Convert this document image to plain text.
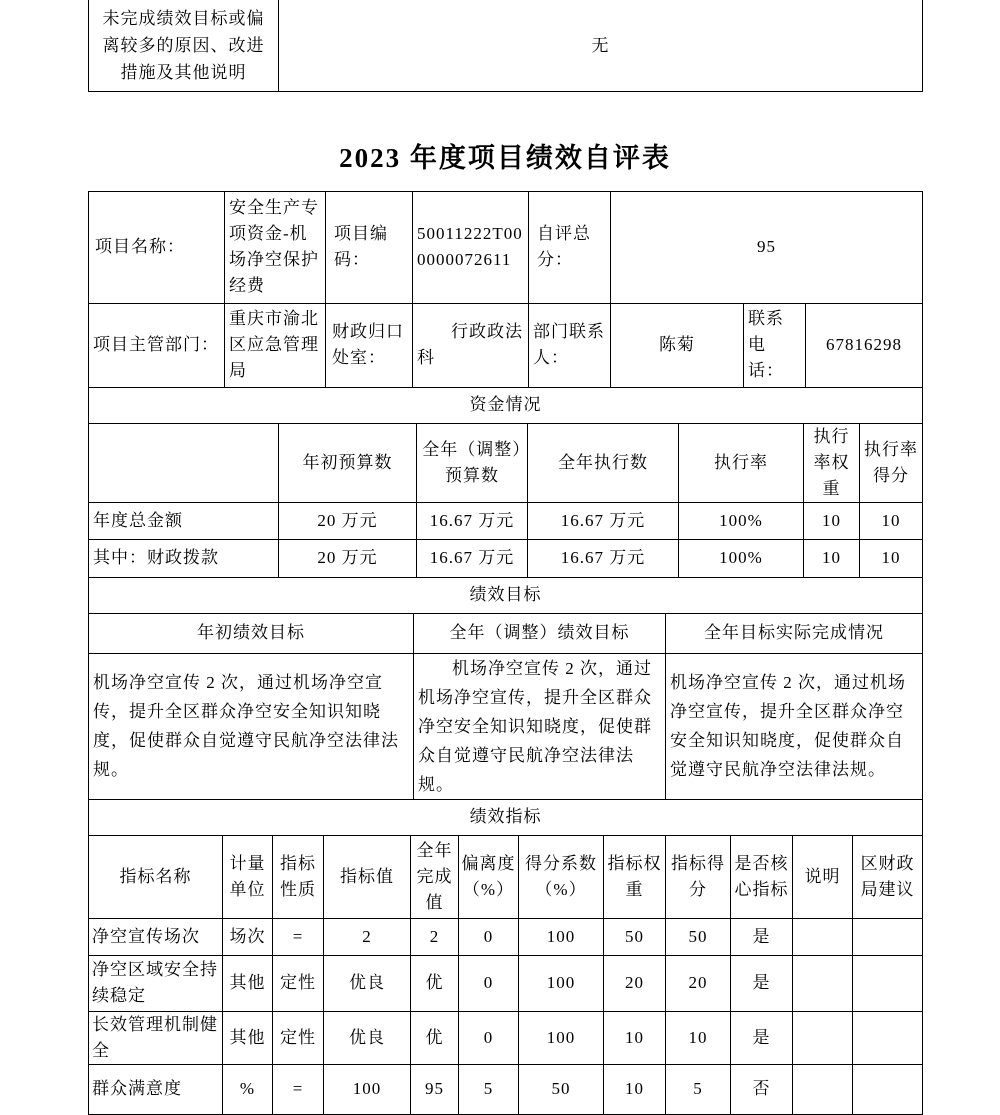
未完成绩效目标或偏离较多的原因、改进措施及其他说明	无
2023 年度项目绩效自评表
项目名称：	安全生产专项资金-机场净空保护经费	项目编码：	50011222T000000072611	自评总分：	95		
项目主管部门：	重庆市渝北区应急管理局	财政归口处室：	行政政法科	部门联系人：	陈菊	联系电话：	67816298
资金情况						
	年初预算数	全年（调整）预算数	全年执行数	执行率	执行率权重	执行率得分
年度总金额	20 万元	16.67 万元	16.67 万元	100%	10	10
其中：财政拨款	20 万元	16.67 万元	16.67 万元	100%	10	10
绩效目标		
年初绩效目标	全年（调整）绩效目标	全年目标实际完成情况
机场净空宣传 2 次，通过机场净空宣传，提升全区群众净空安全知识知晓度，促使群众自觉遵守民航净空法律法规。	机场净空宣传 2 次，通过机场净空宣传，提升全区群众净空安全知识知晓度，促使群众自觉遵守民航净空法律法规。	机场净空宣传 2 次，通过机场净空宣传，提升全区群众净空安全知识知晓度，促使群众自觉遵守民航净空法律法规。
绩效指标											
指标名称	计量单位	指标性质	指标值	全年完成值	偏离度（%）	得分系数（%）	指标权重	指标得分	是否核心指标	说明	区财政局建议
净空宣传场次	场次	=	2	2	0	100	50	50	是		
净空区域安全持续稳定	其他	定性	优良	优	0	100	20	20	是		
长效管理机制健全	其他	定性	优良	优	0	100	10	10	是		
群众满意度	%	=	100	95	5	50	10	5	否		
